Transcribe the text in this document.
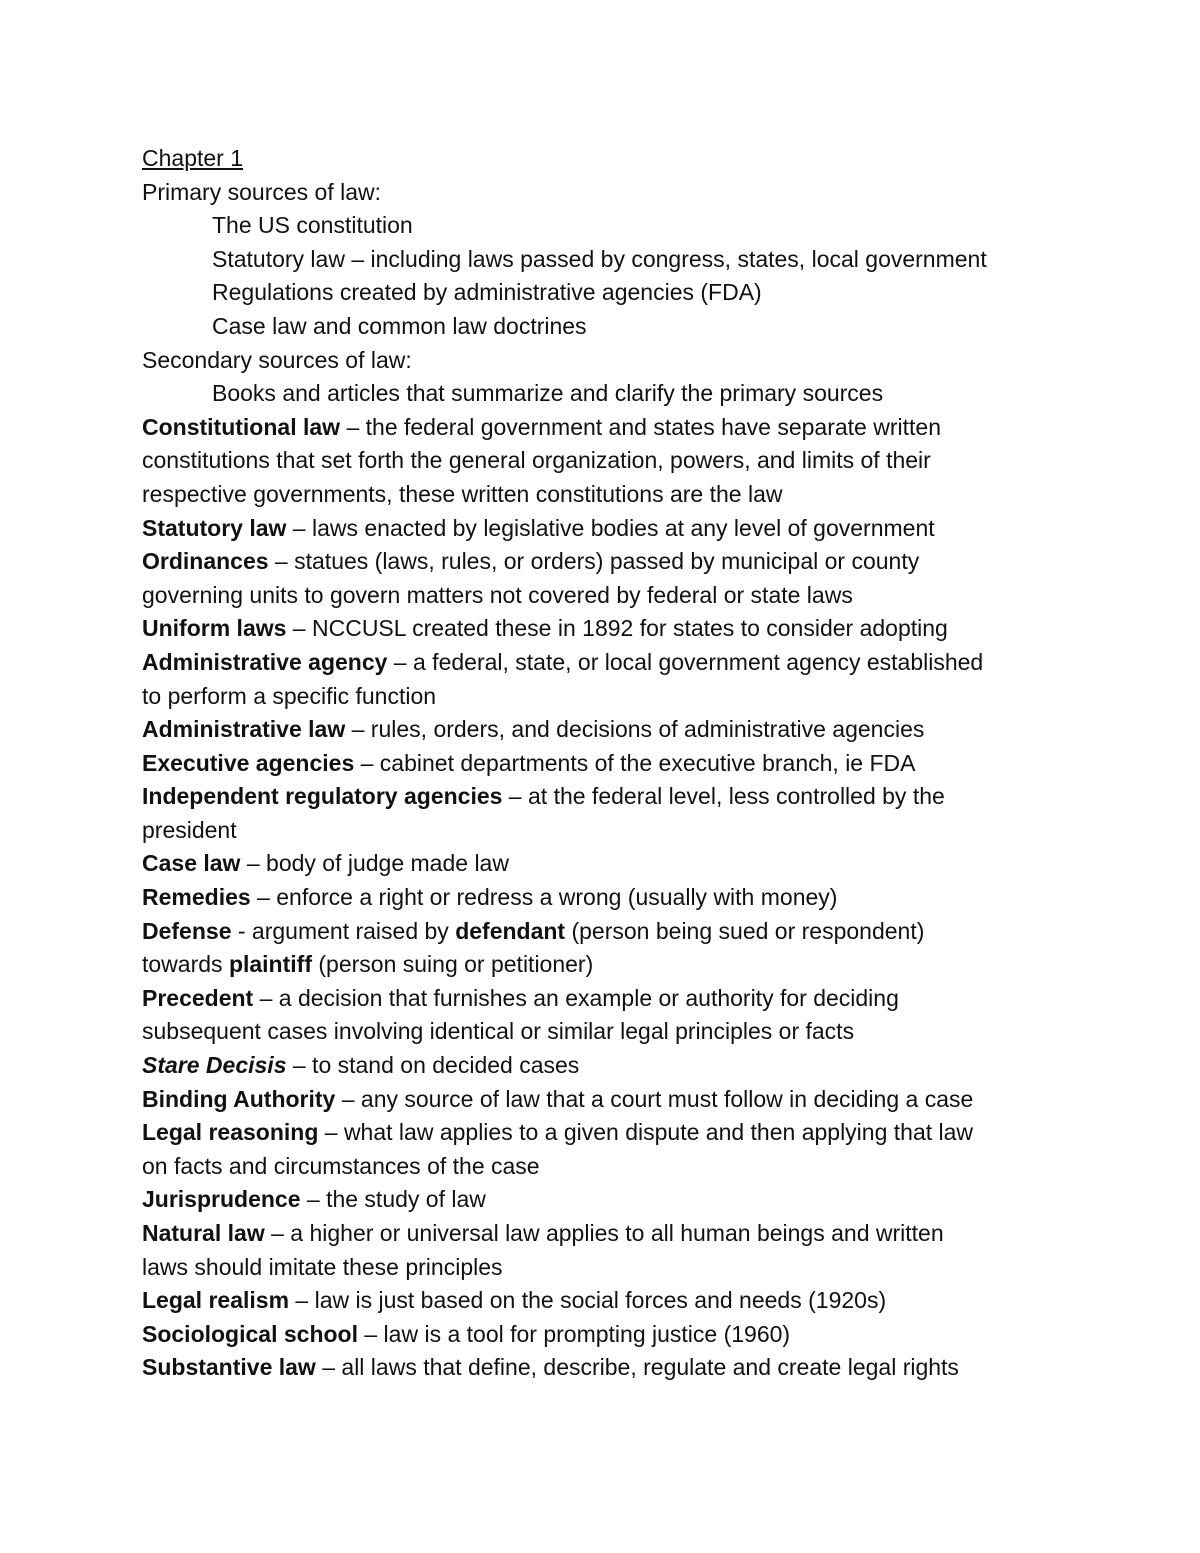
Chapter 1
Primary sources of law:
The US constitution
Statutory law – including laws passed by congress, states, local government
Regulations created by administrative agencies (FDA)
Case law and common law doctrines
Secondary sources of law:
Books and articles that summarize and clarify the primary sources
Constitutional law – the federal government and states have separate written
constitutions that set forth the general organization, powers, and limits of their
respective governments, these written constitutions are the law
Statutory law – laws enacted by legislative bodies at any level of government
Ordinances – statues (laws, rules, or orders) passed by municipal or county
governing units to govern matters not covered by federal or state laws
Uniform laws – NCCUSL created these in 1892 for states to consider adopting
Administrative agency – a federal, state, or local government agency established
to perform a specific function
Administrative law – rules, orders, and decisions of administrative agencies
Executive agencies – cabinet departments of the executive branch, ie FDA
Independent regulatory agencies – at the federal level, less controlled by the
president
Case law – body of judge made law
Remedies – enforce a right or redress a wrong (usually with money)
Defense - argument raised by defendant (person being sued or respondent)
towards plaintiff (person suing or petitioner)
Precedent – a decision that furnishes an example or authority for deciding
subsequent cases involving identical or similar legal principles or facts
Stare Decisis – to stand on decided cases
Binding Authority – any source of law that a court must follow in deciding a case
Legal reasoning – what law applies to a given dispute and then applying that law
on facts and circumstances of the case
Jurisprudence – the study of law
Natural law – a higher or universal law applies to all human beings and written
laws should imitate these principles
Legal realism – law is just based on the social forces and needs (1920s)
Sociological school – law is a tool for prompting justice (1960)
Substantive law – all laws that define, describe, regulate and create legal rights
